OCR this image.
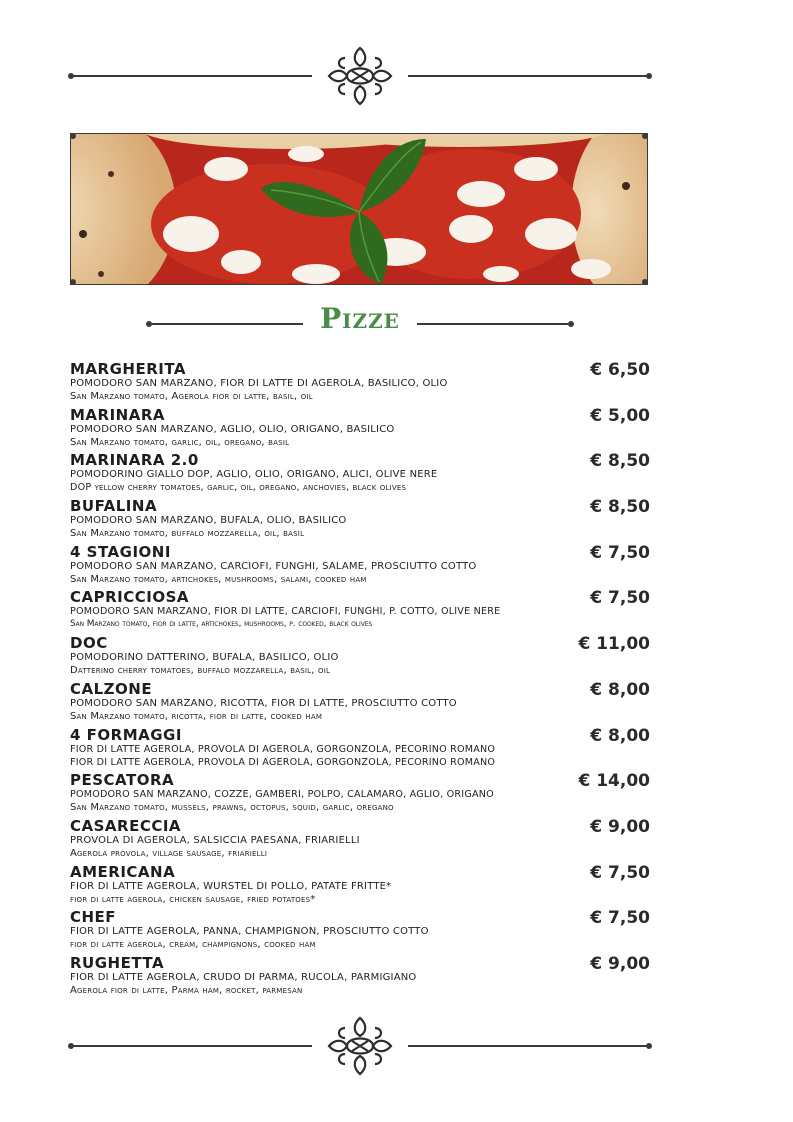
Pizze
MARGHERITA	€ 6,50
POMODORO SAN MARZANO, FIOR DI LATTE DI AGEROLA, BASILICO, OLIO
San Marzano tomato, Agerola fior di latte, basil, oil
MARINARA	€ 5,00
POMODORO SAN MARZANO, AGLIO, OLIO, ORIGANO, BASILICO
San Marzano tomato, garlic, oil, oregano, basil
MARINARA 2.0	€ 8,50
POMODORINO GIALLO DOP, AGLIO, OLIO, ORIGANO, ALICI, OLIVE NERE
DOP yellow cherry tomatoes, garlic, oil, oregano, anchovies, black olives
BUFALINA	€ 8,50
POMODORO SAN MARZANO, BUFALA, OLIO, BASILICO
San Marzano tomato, buffalo mozzarella, oil, basil
4 STAGIONI	€ 7,50
POMODORO SAN MARZANO, CARCIOFI, FUNGHI, SALAME, PROSCIUTTO COTTO
San Marzano tomato, artichokes, mushrooms, salami, cooked ham
CAPRICCIOSA	€ 7,50
POMODORO SAN MARZANO, FIOR DI LATTE, CARCIOFI, FUNGHI, P. COTTO, OLIVE NERE
San Marzano tomato, fior di latte, artichokes, mushrooms, p. cooked, black olives
DOC	€ 11,00
POMODORINO DATTERINO, BUFALA, BASILICO, OLIO
Datterino cherry tomatoes, buffalo mozzarella, basil, oil
CALZONE	€ 8,00
POMODORO SAN MARZANO, RICOTTA, FIOR DI LATTE, PROSCIUTTO COTTO
San Marzano tomato, ricotta, fior di latte, cooked ham
4 FORMAGGI	€ 8,00
FIOR DI LATTE AGEROLA, PROVOLA DI AGEROLA, GORGONZOLA, PECORINO ROMANO
FIOR DI LATTE AGEROLA, PROVOLA DI AGEROLA, GORGONZOLA, PECORINO ROMANO
PESCATORA	€ 14,00
POMODORO SAN MARZANO, COZZE, GAMBERI, POLPO, CALAMARO, AGLIO, ORIGANO
San Marzano tomato, mussels, prawns, octopus, squid, garlic, oregano
CASARECCIA	€ 9,00
PROVOLA DI AGEROLA, SALSICCIA PAESANA, FRIARIELLI
Agerola provola, village sausage, friarielli
AMERICANA	€ 7,50
FIOR DI LATTE AGEROLA, WURSTEL DI POLLO, PATATE FRITTE*
fior di latte agerola, chicken sausage, fried potatoes*
CHEF	€ 7,50
FIOR DI LATTE AGEROLA, PANNA, CHAMPIGNON, PROSCIUTTO COTTO
fior di latte agerola, cream, champignons, cooked ham
RUGHETTA	€ 9,00
FIOR DI LATTE AGEROLA, CRUDO DI PARMA, RUCOLA, PARMIGIANO
Agerola fior di latte, Parma ham, rocket, parmesan
